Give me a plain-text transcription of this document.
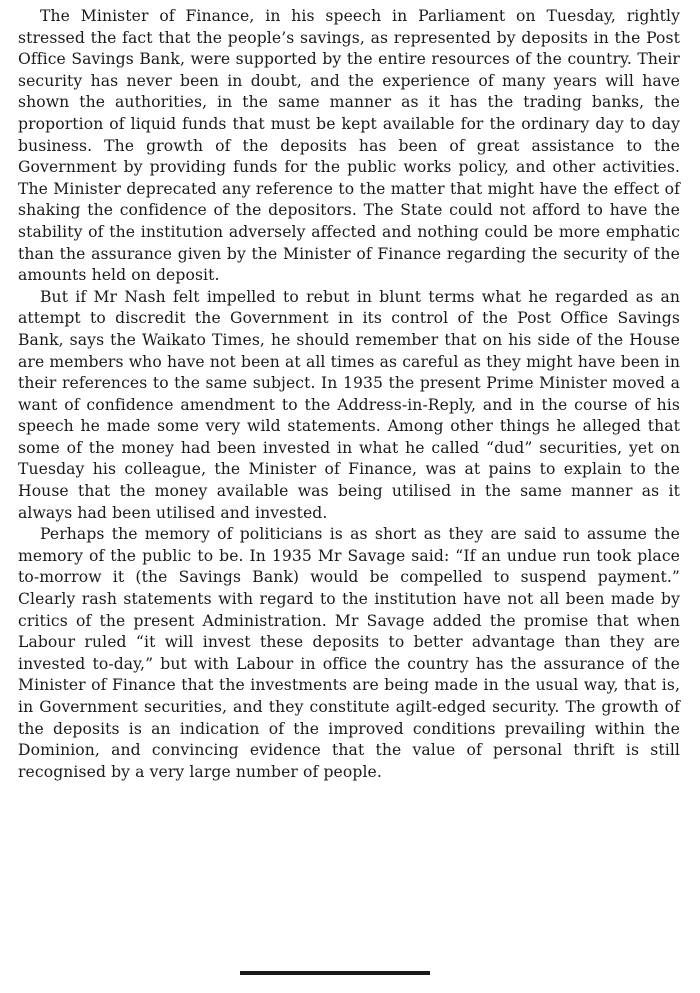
The Minister of Finance, in his speech in Parliament on Tuesday, rightly stressed the fact that the people’s savings, as represented by deposits in the Post Office Savings Bank, were supported by the entire resources of the country. Their security has never been in doubt, and the experience of many years will have shown the authorities, in the same manner as it has the trading banks, the proportion of liquid funds that must be kept available for the ordinary day to day business. The growth of the deposits has been of great assistance to the Government by providing funds for the public works policy, and other activities. The Minister deprecated any reference to the matter that might have the effect of shaking the confidence of the depositors. The State could not afford to have the stability of the institution adversely affected and nothing could be more emphatic than the assurance given by the Minister of Finance regarding the security of the amounts held on deposit.

But if Mr Nash felt impelled to rebut in blunt terms what he regarded as an attempt to discredit the Government in its control of the Post Office Savings Bank, says the Waikato Times, he should remember that on his side of the House are members who have not been at all times as careful as they might have been in their references to the same subject. In 1935 the present Prime Minister moved a want of confidence amendment to the Address-in-Reply, and in the course of his speech he made some very wild statements. Among other things he alleged that some of the money had been invested in what he called “dud” securities, yet on Tuesday his colleague, the Minister of Finance, was at pains to explain to the House that the money available was being utilised in the same manner as it always had been utilised and invested.

Perhaps the memory of politicians is as short as they are said to assume the memory of the public to be. In 1935 Mr Savage said: “If an undue run took place to-morrow it (the Savings Bank) would be compelled to suspend payment.” Clearly rash statements with regard to the institution have not all been made by critics of the present Administration. Mr Savage added the promise that when Labour ruled “it will invest these deposits to better advantage than they are invested to-day,” but with Labour in office the country has the assurance of the Minister of Finance that the investments are being made in the usual way, that is, in Government securities, and they constitute agilt-edged security. The growth of the deposits is an indication of the improved conditions prevailing within the Dominion, and convincing evidence that the value of personal thrift is still recognised by a very large number of people.
